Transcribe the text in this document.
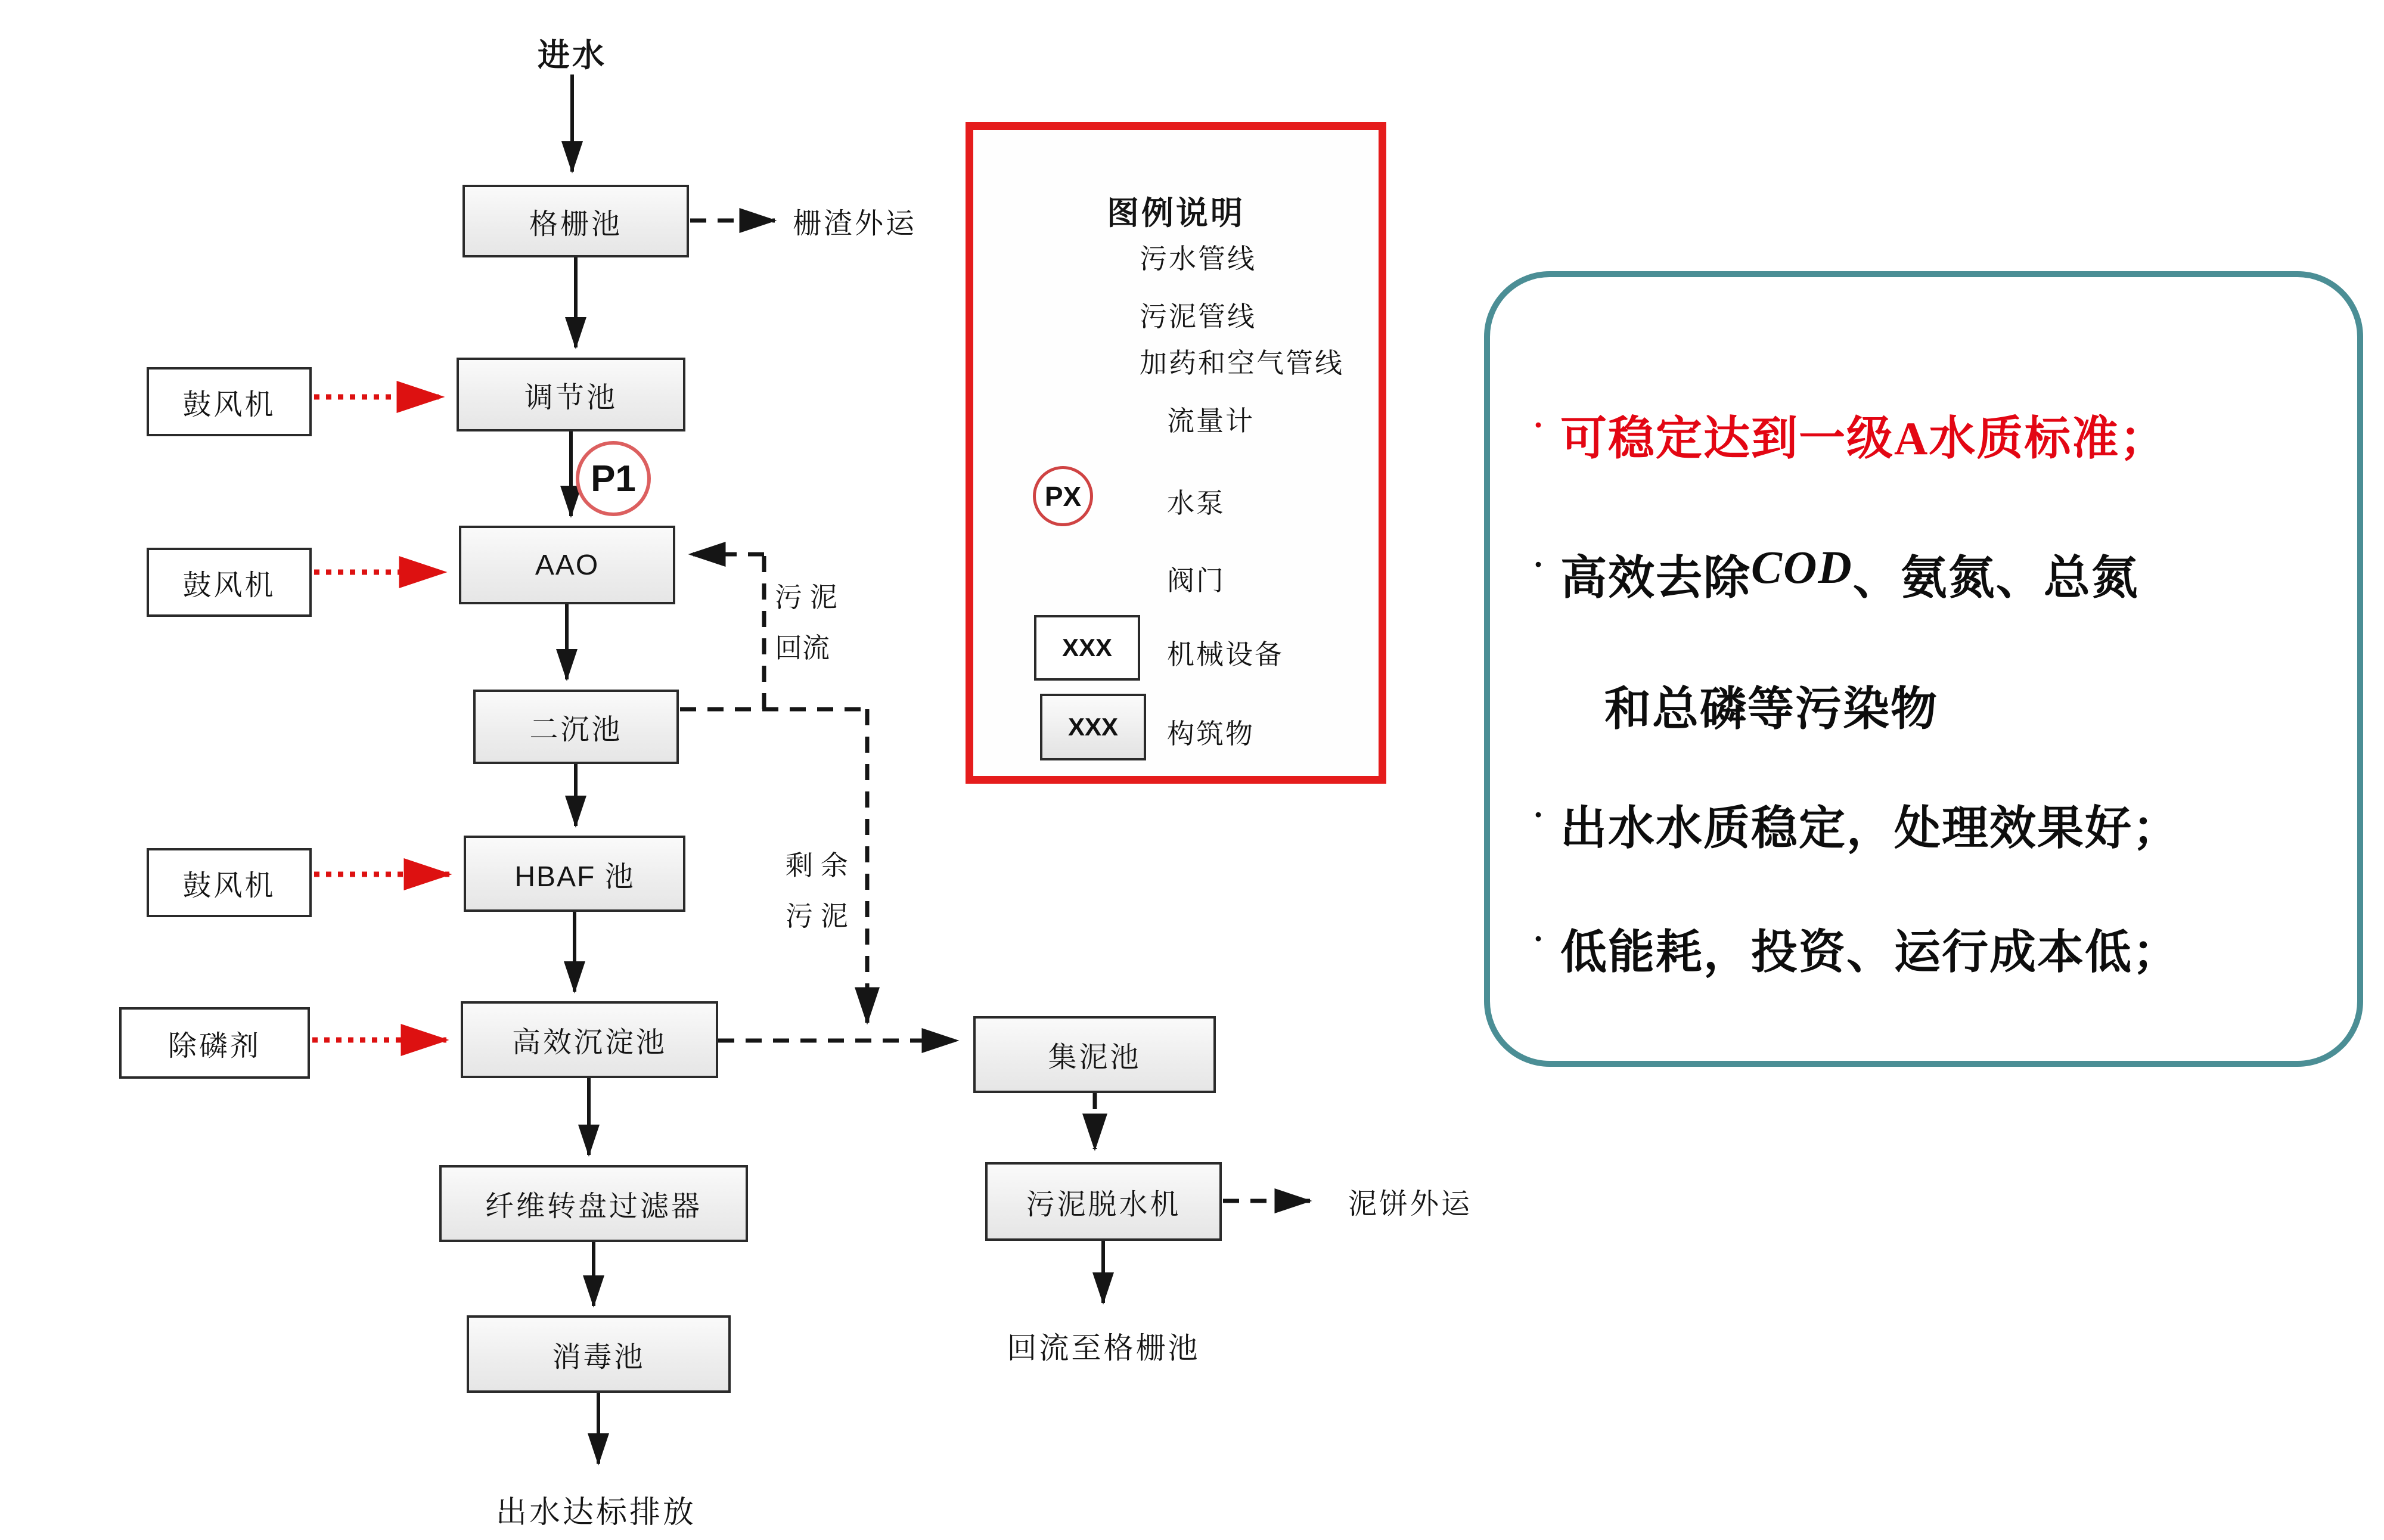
进水
格栅池	栅渣外运
鼓风机	调节池
P1
鼓风机
AAO
污 泥
回流
二沉池
剩 余
污 泥
鼓风机	HBAF 池
除磷剂	高效沉淀池	集泥池
纤维转盘过滤器	污泥脱水机	泥饼外运
消毒池
出水达标排放
回流至格栅池
图例说明
污水管线
污泥管线
加药和空气管线
流量计
PX	水泵
阀门
XXX	机械设备
XXX	构筑物
· 可稳定达到一级A水质标准；
· 高效去除 COD 、氨氮、总氮
和总磷等污染物
· 出水水质稳定，处理效果好；
· 低能耗，投资、运行成本低；
